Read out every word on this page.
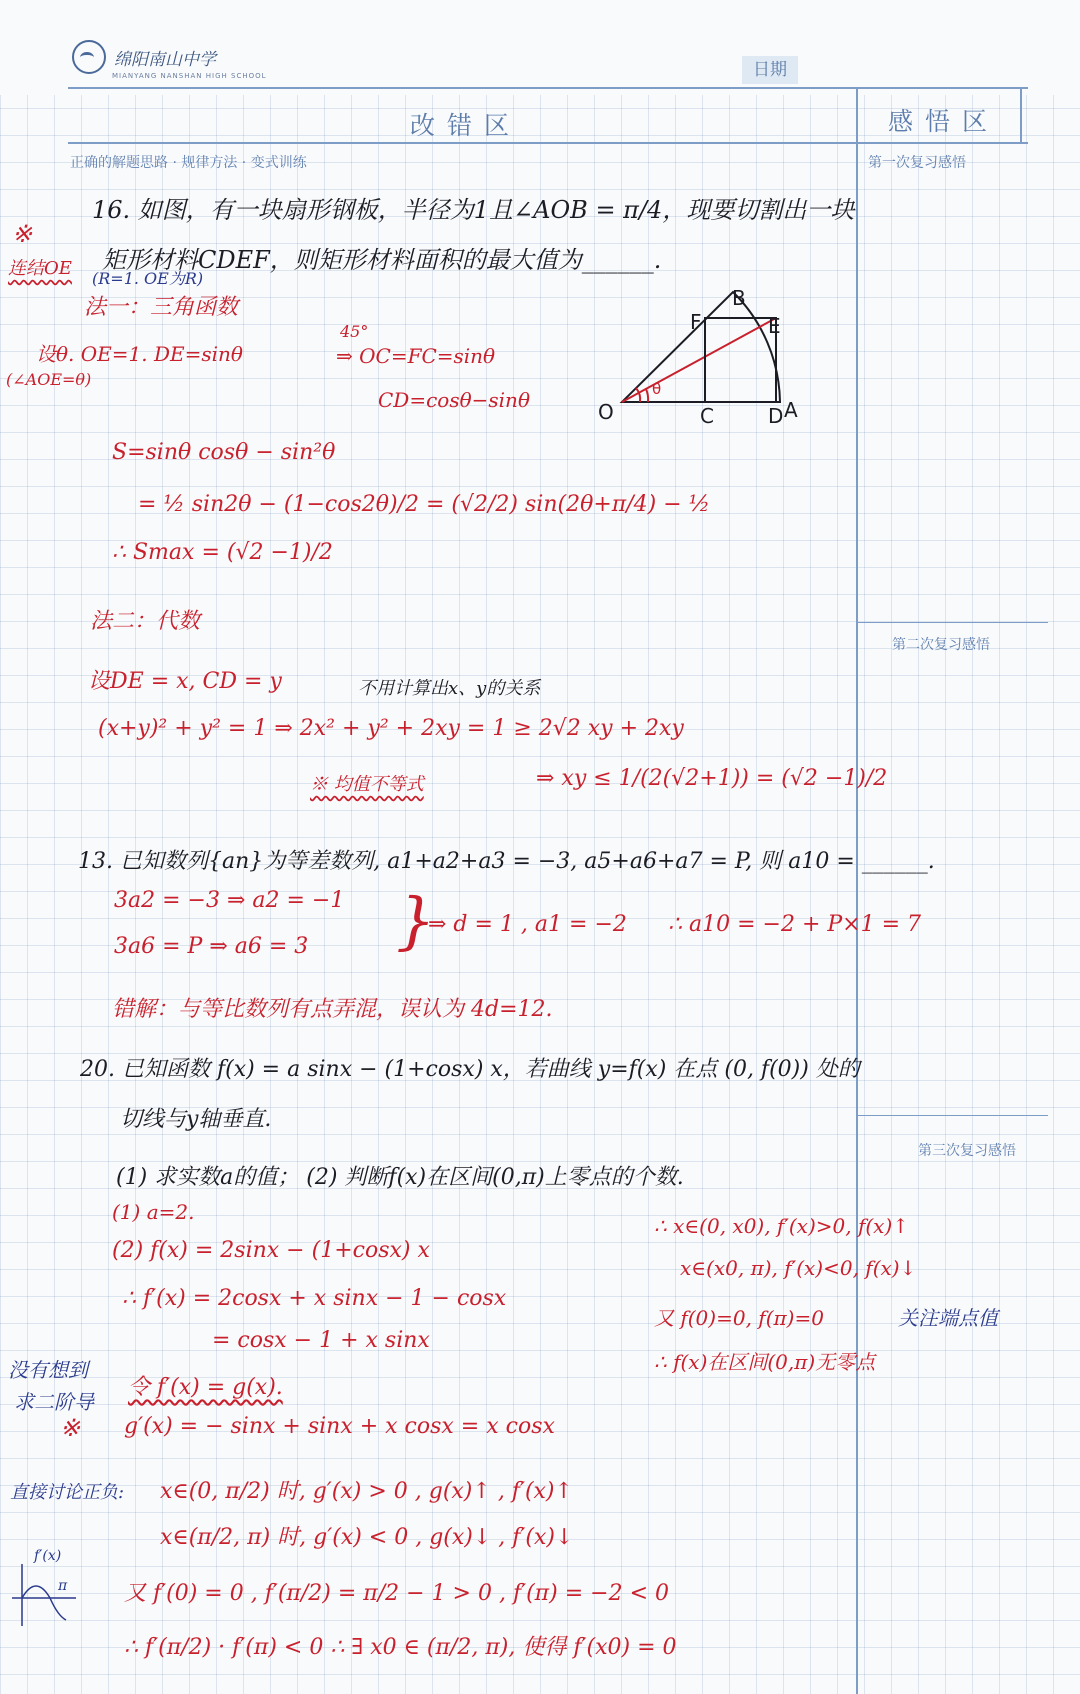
绵阳南山中学
MIANYANG NANSHAN HIGH SCHOOL	日期
改错区	感悟区
正确的解题思路 · 规律方法 · 变式训练	第一次复习感悟
第二次复习感悟
第三次复习感悟
16. 如图，有一块扇形钢板，半径为1且∠AOB = π/4，现要切割出一块
※
矩形材料CDEF，则矩形材料面积的最大值为______.
连结OE (R=1. OE为R)
法一：三角函数
设θ. OE=1. DE=sinθ
(∠AOE=θ)
45°
⇒ OC=FC=sinθ
CD=cosθ−sinθ	O	C	D A
B
F	E
θ
S=sinθ cosθ − sin²θ
= ½ sin2θ − (1−cos2θ)/2 = (√2/2) sin(2θ+π/4) − ½
∴ Smax = (√2 −1)/2
法二：代数
设DE = x, CD = y	不用计算出x、y的关系
(x+y)² + y² = 1 ⇒ 2x² + y² + 2xy = 1 ≥ 2√2 xy + 2xy
※ 均值不等式	⇒ xy ≤ 1/(2(√2+1)) = (√2 −1)/2
13. 已知数列{an}为等差数列, a1+a2+a3 = −3, a5+a6+a7 = P, 则 a10 = ______.
3a2 = −3 ⇒ a2 = −1
3a6 = P ⇒ a6 = 3 }
⇒ d = 1 , a1 = −2 ∴ a10 = −2 + P×1 = 7
错解：与等比数列有点弄混，误认为 4d=12.
20. 已知函数 f(x) = a sinx − (1+cosx) x，若曲线 y=f(x) 在点 (0, f(0)) 处的
切线与y轴垂直.
(1) 求实数a的值； (2) 判断f(x)在区间(0,π)上零点的个数.
(1) a=2.
(2) f(x) = 2sinx − (1+cosx) x
∴ f′(x) = 2cosx + x sinx − 1 − cosx
= cosx − 1 + x sinx
没有想到
求二阶导
※
令 f′(x) = g(x).
g′(x) = − sinx + sinx + x cosx = x cosx
直接讨论正负: x∈(0, π/2) 时, g′(x) > 0 , g(x)↑ , f′(x)↑
x∈(π/2, π) 时, g′(x) < 0 , g(x)↓ , f′(x)↓
又 f′(0) = 0 , f′(π/2) = π/2 − 1 > 0 , f′(π) = −2 < 0
∴ f′(π/2) · f′(π) < 0 ∴ ∃ x0 ∈ (π/2, π), 使得 f′(x0) = 0
f′(x)
π
∴ x∈(0, x0), f′(x)>0, f(x)↑
x∈(x0, π), f′(x)<0, f(x)↓
又 f(0)=0, f(π)=0	关注端点值
∴ f(x)在区间(0,π)无零点
